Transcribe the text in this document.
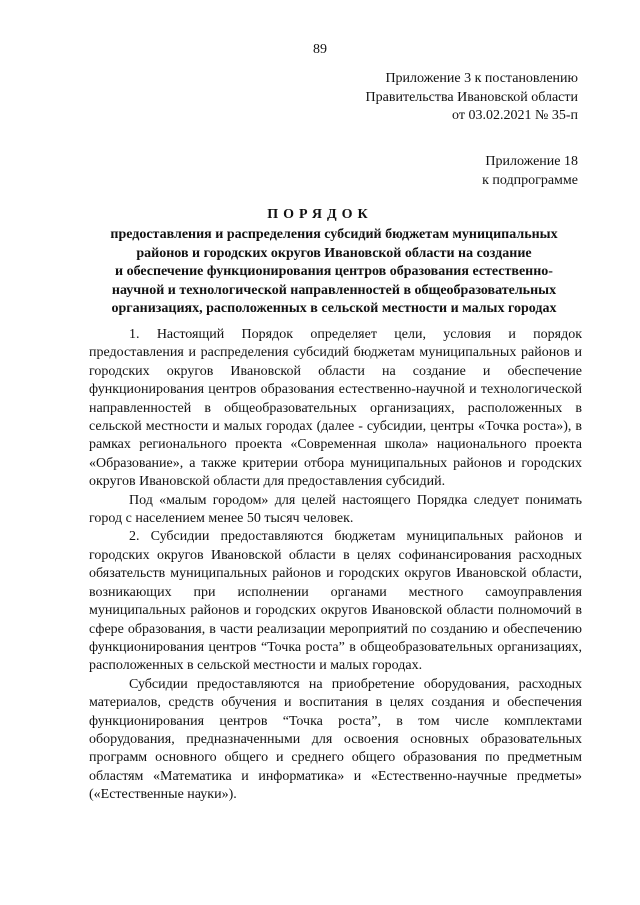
89
Приложение 3 к постановлению
Правительства Ивановской области
от 03.02.2021 № 35-п
Приложение 18
к подпрограмме
ПОРЯДОК
предоставления и распределения субсидий бюджетам муниципальных
районов и городских округов Ивановской области на создание
и обеспечение функционирования центров образования естественно-
научной и технологической направленностей в общеобразовательных
организациях, расположенных в сельской местности и малых городах

1. Настоящий Порядок определяет цели, условия и порядок предоставления и распределения субсидий бюджетам муниципальных районов и городских округов Ивановской области на создание и обеспечение функционирования центров образования естественно-научной и технологической направленностей в общеобразовательных организациях, расположенных в сельской местности и малых городах (далее - субсидии, центры «Точка роста»), в рамках регионального проекта «Современная школа» национального проекта «Образование», а также критерии отбора муниципальных районов и городских округов Ивановской области для предоставления субсидий.

Под «малым городом» для целей настоящего Порядка следует понимать город с населением менее 50 тысяч человек.

2. Субсидии предоставляются бюджетам муниципальных районов и городских округов Ивановской области в целях софинансирования расходных обязательств муниципальных районов и городских округов Ивановской области, возникающих при исполнении органами местного самоуправления муниципальных районов и городских округов Ивановской области полномочий в сфере образования, в части реализации мероприятий по созданию и обеспечению функционирования центров “Точка роста” в общеобразовательных организациях, расположенных в сельской местности и малых городах.

Субсидии предоставляются на приобретение оборудования, расходных материалов, средств обучения и воспитания в целях создания и обеспечения функционирования центров “Точка роста”, в том числе комплектами оборудования, предназначенными для освоения основных образовательных программ основного общего и среднего общего образования по предметным областям «Математика и информатика» и «Естественно-научные предметы» («Естественные науки»).
